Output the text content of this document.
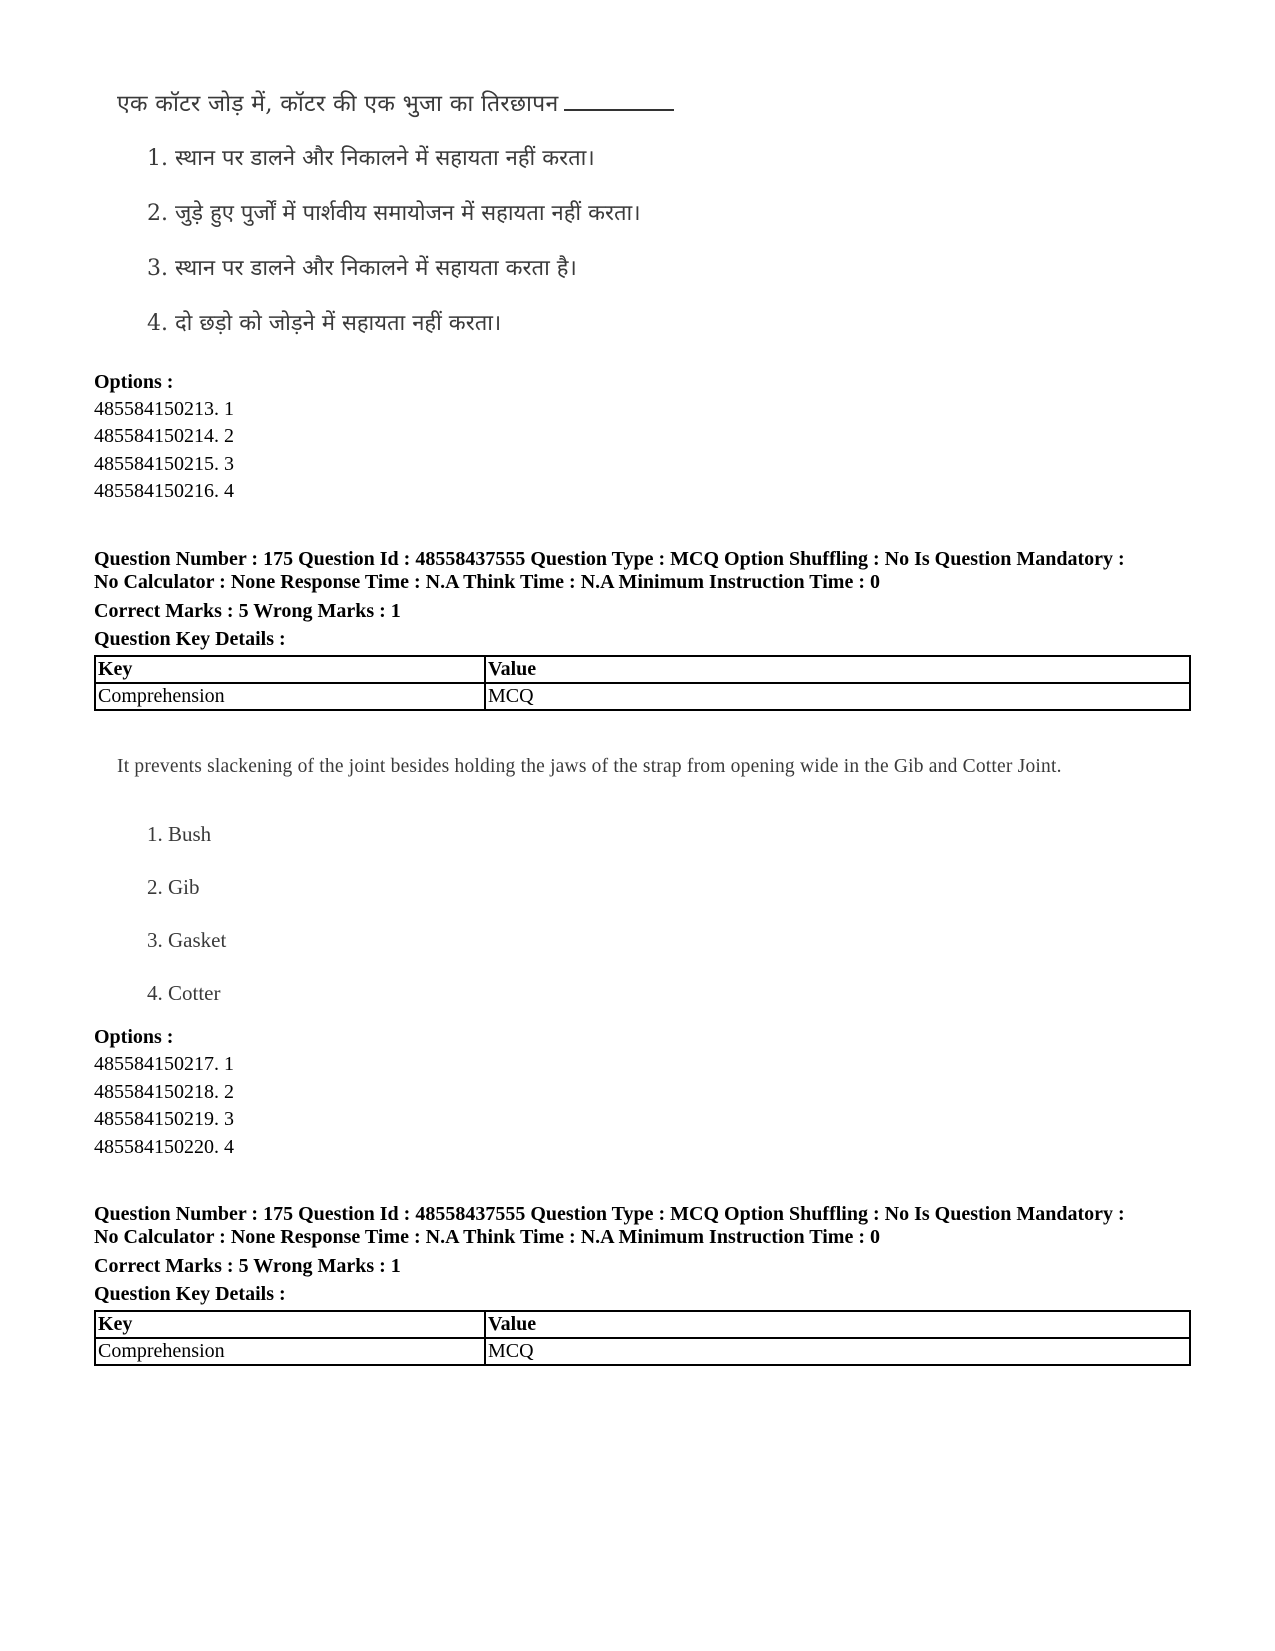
एक कॉटर जोड़ में, कॉटर की एक भुजा का तिरछापन
1. स्थान पर डालने और निकालने में सहायता नहीं करता।
2. जुड़े हुए पुर्जों में पार्शवीय समायोजन में सहायता नहीं करता।
3. स्थान पर डालने और निकालने में सहायता करता है।
4. दो छड़ो को जोड़ने में सहायता नहीं करता।
Options :
485584150213. 1
485584150214. 2
485584150215. 3
485584150216. 4
Question Number : 175 Question Id : 48558437555 Question Type : MCQ Option Shuffling : No Is Question Mandatory :
No Calculator : None Response Time : N.A Think Time : N.A Minimum Instruction Time : 0
Correct Marks : 5 Wrong Marks : 1
Question Key Details :
Key	Value
Comprehension	MCQ
It prevents slackening of the joint besides holding the jaws of the strap from opening wide in the Gib and Cotter Joint.
1. Bush
2. Gib
3. Gasket
4. Cotter
Options :
485584150217. 1
485584150218. 2
485584150219. 3
485584150220. 4
Question Number : 175 Question Id : 48558437555 Question Type : MCQ Option Shuffling : No Is Question Mandatory :
No Calculator : None Response Time : N.A Think Time : N.A Minimum Instruction Time : 0
Correct Marks : 5 Wrong Marks : 1
Question Key Details :
Key	Value
Comprehension	MCQ
